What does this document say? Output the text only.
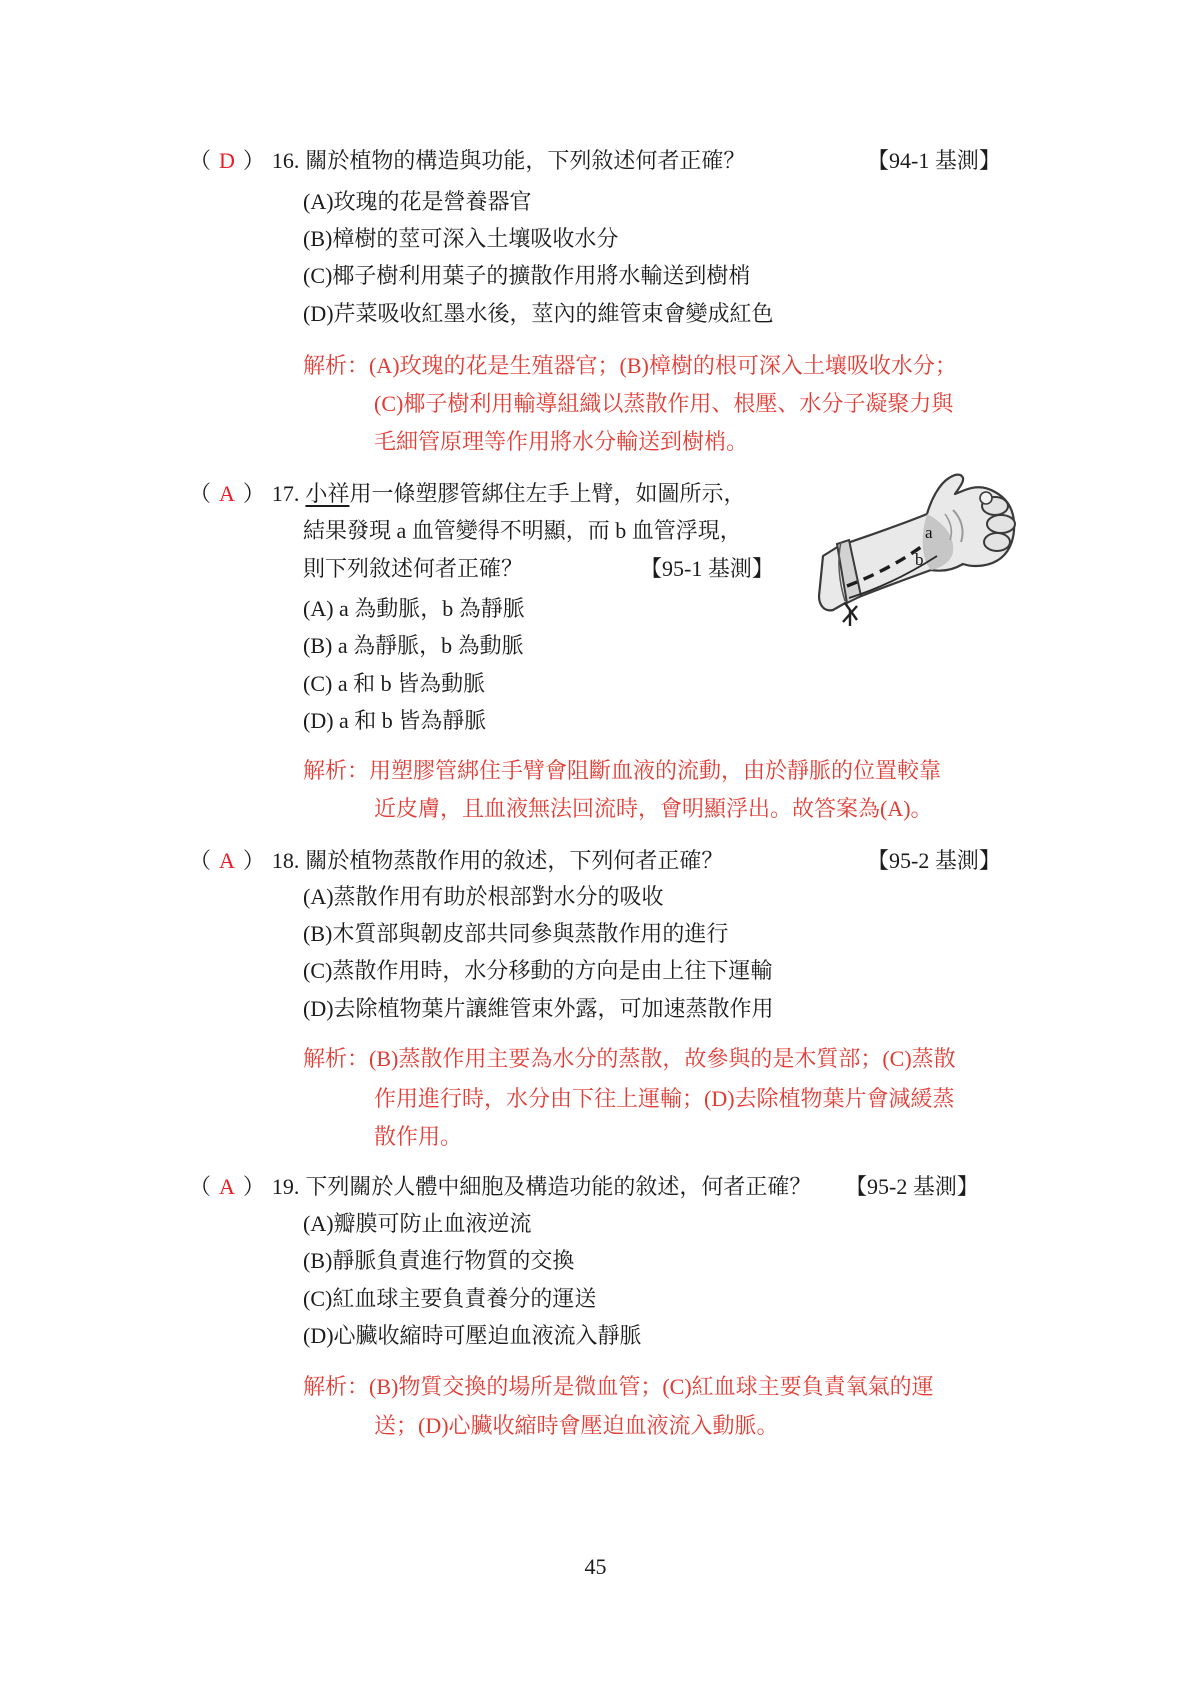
（ D ） 16. 關於植物的構造與功能，下列敘述何者正確？	【94-1 基測】
(A)玫瑰的花是營養器官
(B)樟樹的莖可深入土壤吸收水分
(C)椰子樹利用葉子的擴散作用將水輸送到樹梢
(D)芹菜吸收紅墨水後，莖內的維管束會變成紅色
解析：(A)玫瑰的花是生殖器官；(B)樟樹的根可深入土壤吸收水分；
(C)椰子樹利用輸導組織以蒸散作用、根壓、水分子凝聚力與
毛細管原理等作用將水分輸送到樹梢。
（ A ） 17. 小祥用一條塑膠管綁住左手上臂，如圖所示，
結果發現 a 血管變得不明顯，而 b 血管浮現，
則下列敘述何者正確？	【95-1 基測】
(A) a 為動脈，b 為靜脈
(B) a 為靜脈，b 為動脈
(C) a 和 b 皆為動脈
(D) a 和 b 皆為靜脈
解析：用塑膠管綁住手臂會阻斷血液的流動，由於靜脈的位置較靠
近皮膚，且血液無法回流時，會明顯浮出。故答案為(A)。
a
b
（ A ） 18. 關於植物蒸散作用的敘述，下列何者正確？	【95-2 基測】
(A)蒸散作用有助於根部對水分的吸收
(B)木質部與韌皮部共同參與蒸散作用的進行
(C)蒸散作用時，水分移動的方向是由上往下運輸
(D)去除植物葉片讓維管束外露，可加速蒸散作用
解析：(B)蒸散作用主要為水分的蒸散，故參與的是木質部；(C)蒸散
作用進行時，水分由下往上運輸；(D)去除植物葉片會減緩蒸
散作用。
（ A ） 19. 下列關於人體中細胞及構造功能的敘述，何者正確？ 【95-2 基測】
(A)瓣膜可防止血液逆流
(B)靜脈負責進行物質的交換
(C)紅血球主要負責養分的運送
(D)心臟收縮時可壓迫血液流入靜脈
解析：(B)物質交換的場所是微血管；(C)紅血球主要負責氧氣的運
送；(D)心臟收縮時會壓迫血液流入動脈。
45
